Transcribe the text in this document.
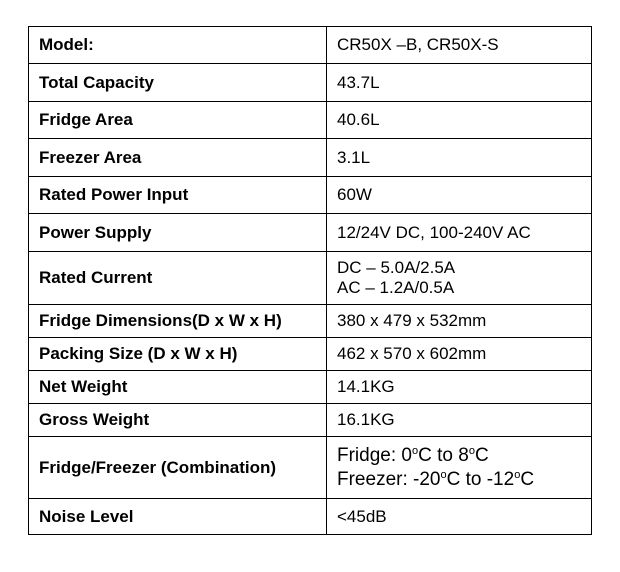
Model:	CR50X –B, CR50X-S
Total Capacity	43.7L
Fridge Area	40.6L
Freezer Area	3.1L
Rated Power Input	60W
Power Supply	12/24V DC, 100-240V AC
Rated Current	DC – 5.0A/2.5A
AC – 1.2A/0.5A

Fridge Dimensions(D x W x H)	380 x 479 x 532mm
Packing Size (D x W x H)	462 x 570 x 602mm
Net Weight	14.1KG
Gross Weight	16.1KG
Fridge/Freezer (Combination)	Fridge: 0$^o$C to 8$^o$C
Freezer: -20$^o$C to -12$^o$C

Noise Level	<45dB
